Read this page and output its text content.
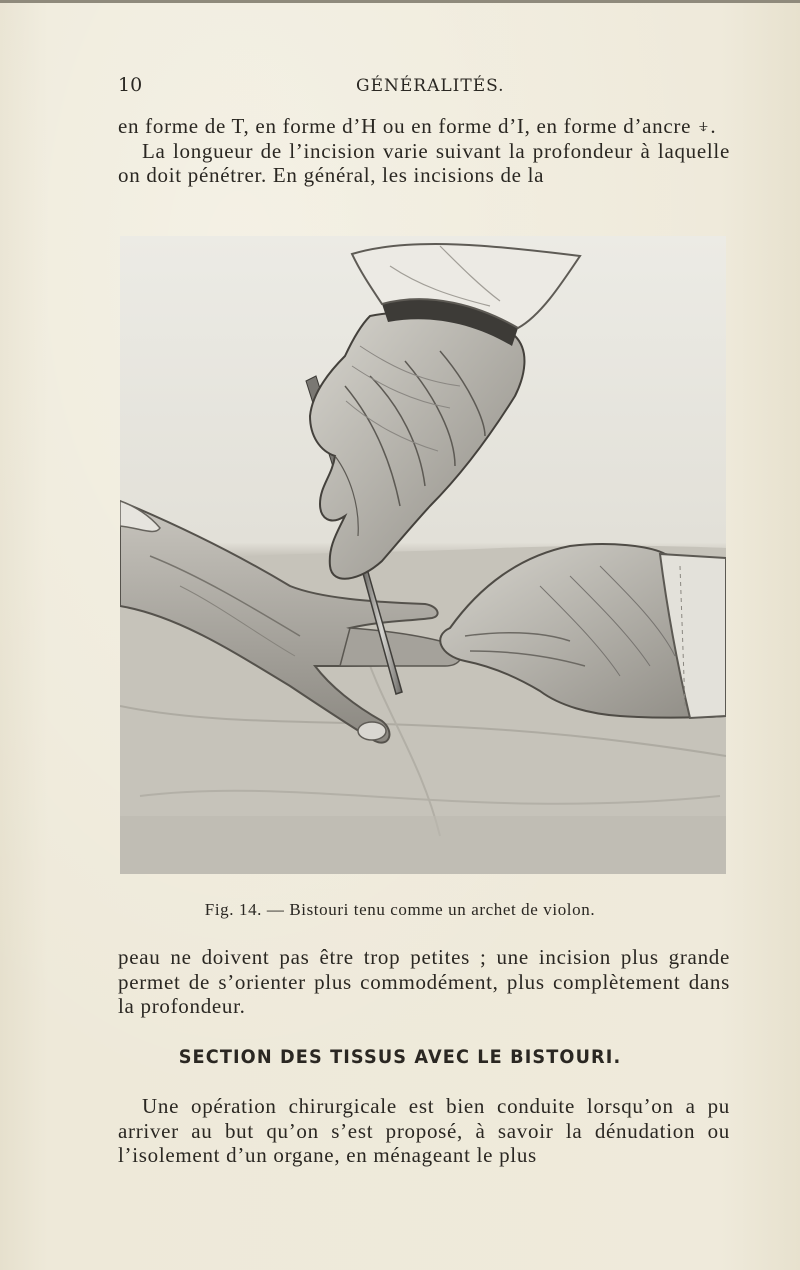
10	GÉNÉRALITÉS.

en forme de T, en forme d’H ou en forme d’I, en forme d’ancre ⍖.

La longueur de l’incision varie suivant la profondeur à laquelle on doit pénétrer. En général, les incisions de la

Fig. 14. — Bistouri tenu comme un archet de violon.

peau ne doivent pas être trop petites ; une incision plus grande permet de s’orienter plus commodément, plus complètement dans la profondeur.

SECTION DES TISSUS AVEC LE BISTOURI.

Une opération chirurgicale est bien conduite lorsqu’on a pu arriver au but qu’on s’est proposé, à savoir la dénudation ou l’isolement d’un organe, en ménageant le plus
